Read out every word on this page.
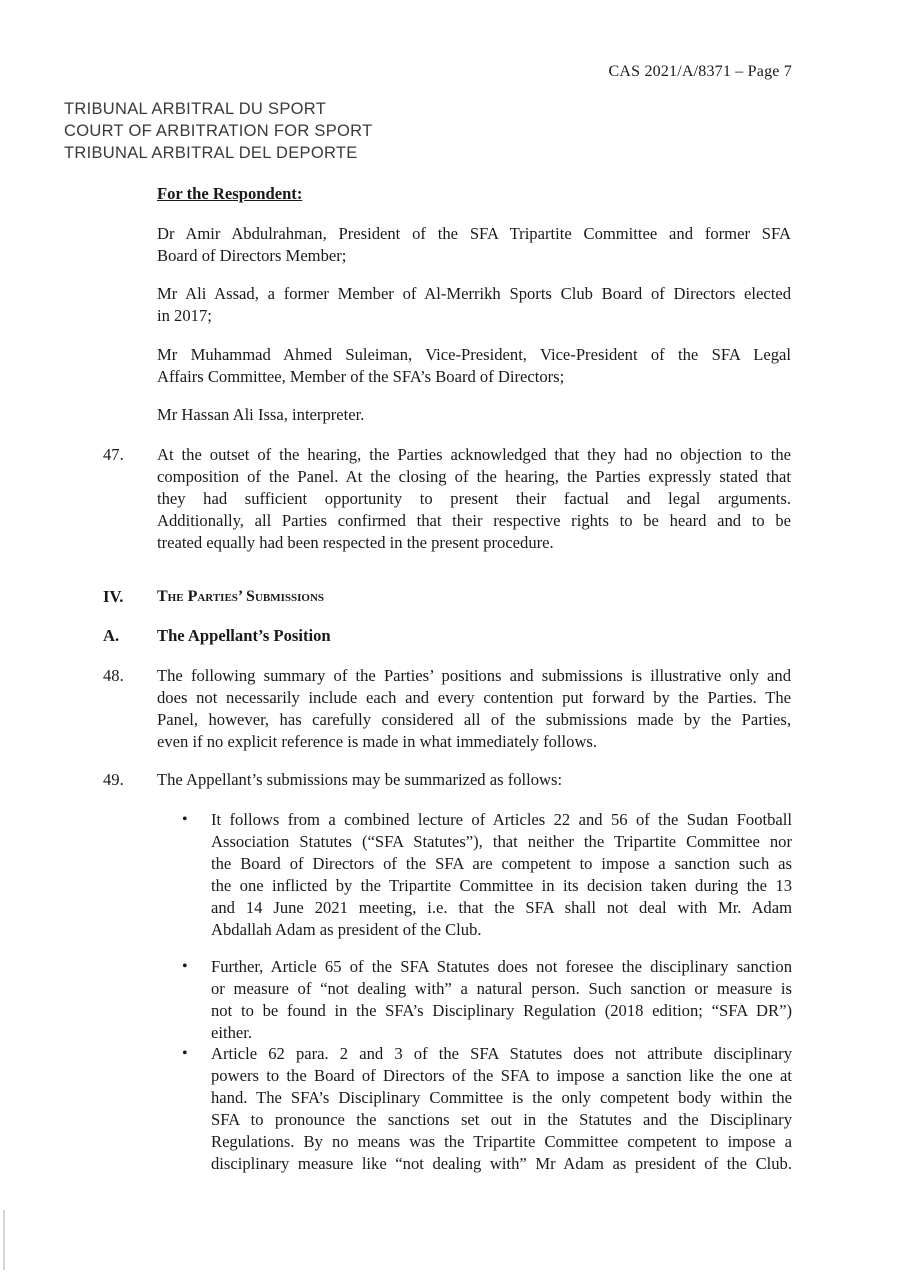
CAS 2021/A/8371 – Page 7
TRIBUNAL ARBITRAL DU SPORT
COURT OF ARBITRATION FOR SPORT
TRIBUNAL ARBITRAL DEL DEPORTE
For the Respondent:
Dr Amir Abdulrahman, President of the SFA Tripartite Committee and former SFA
Board of Directors Member;
Mr Ali Assad, a former Member of Al-Merrikh Sports Club Board of Directors elected
in 2017;
Mr Muhammad Ahmed Suleiman, Vice-President, Vice-President of the SFA Legal
Affairs Committee, Member of the SFA’s Board of Directors;
Mr Hassan Ali Issa, interpreter.
47. At the outset of the hearing, the Parties acknowledged that they had no objection to the
composition of the Panel. At the closing of the hearing, the Parties expressly stated that
they had sufficient opportunity to present their factual and legal arguments.
Additionally, all Parties confirmed that their respective rights to be heard and to be
treated equally had been respected in the present procedure.
IV. The Parties’ Submissions
A. The Appellant’s Position
48. The following summary of the Parties’ positions and submissions is illustrative only and
does not necessarily include each and every contention put forward by the Parties. The
Panel, however, has carefully considered all of the submissions made by the Parties,
even if no explicit reference is made in what immediately follows.
49. The Appellant’s submissions may be summarized as follows:
• It follows from a combined lecture of Articles 22 and 56 of the Sudan Football
Association Statutes (“SFA Statutes”), that neither the Tripartite Committee nor
the Board of Directors of the SFA are competent to impose a sanction such as
the one inflicted by the Tripartite Committee in its decision taken during the 13
and 14 June 2021 meeting, i.e. that the SFA shall not deal with Mr. Adam
Abdallah Adam as president of the Club.
• Further, Article 65 of the SFA Statutes does not foresee the disciplinary sanction
or measure of “not dealing with” a natural person. Such sanction or measure is
not to be found in the SFA’s Disciplinary Regulation (2018 edition; “SFA DR”)
either.
• Article 62 para. 2 and 3 of the SFA Statutes does not attribute disciplinary
powers to the Board of Directors of the SFA to impose a sanction like the one at
hand. The SFA’s Disciplinary Committee is the only competent body within the
SFA to pronounce the sanctions set out in the Statutes and the Disciplinary
Regulations. By no means was the Tripartite Committee competent to impose a
disciplinary measure like “not dealing with” Mr Adam as president of the Club.
